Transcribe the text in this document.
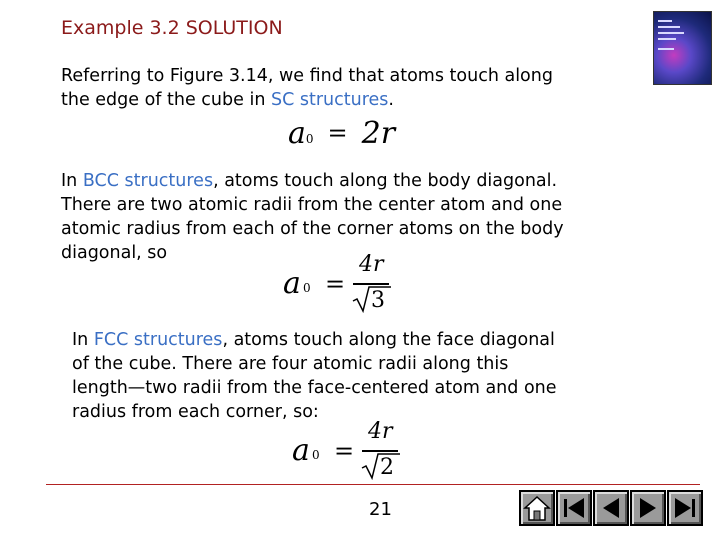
Example 3.2 SOLUTION
Referring to Figure 3.14, we find that atoms touch along
the edge of the cube in SC structures.
a 0 = 2r
In BCC structures, atoms touch along the body diagonal.
There are two atomic radii from the center atom and one
atomic radius from each of the corner atoms on the body
diagonal, so
a 0 =
4r
3
In FCC structures, atoms touch along the face diagonal
of the cube. There are four atomic radii along this
length—two radii from the face-centered atom and one
radius from each corner, so:
a 0 =
4r
2
21
